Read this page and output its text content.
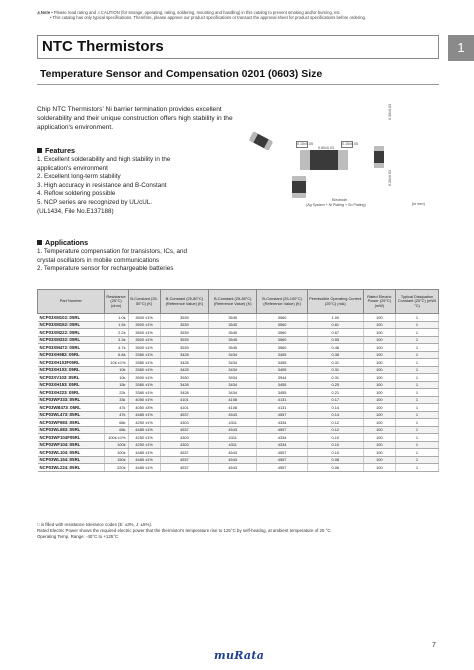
⚠Note • Please read rating and ⚠CAUTION (for storage, operating, rating, soldering, mounting and handling) in this catalog to prevent smoking and/or burning, etc.
• This catalog has only typical specifications. Therefore, please approve our product specifications or transact the approval sheet for product specifications before ordering.
NTC Thermistors	1
Temperature Sensor and Compensation 0201 (0603) Size
Chip NTC Thermistors' Ni barrier termination provides excellent solderability and their unique construction offers high stability in the application's environment.
Features
1. Excellent solderability and high stability in the
application's environment
2. Excellent long-term stability
3. High accuracy in resistance and B-Constant
4. Reflow soldering possible
5. NCP series are recognized by UL/cUL.
(UL1434, File No.E137188)
Applications
1. Temperature compensation for transistors, ICs, and
crystal oscillators in mobile communications
2. Temperature sensor for rechargeable batteries
0.15±0.05	0.15±0.05
0.60±0.03
0.30±0.03
0.30±0.03
Electrode
(Ag System + Ni Plating + Sn Plating)	(in mm)
Part Number	Resistance (25°C) (ohm)	B-Constant (25-50°C) (K)	B-Constant (25-80°C) (Reference Value) (K)	B-Constant (25-85°C) (Reference Value) (K)	B-Constant (25-100°C) (Reference Value) (K)	Permissible Operating Current (25°C) (mA)	Rated Electric Power (25°C) (mW)	Typical Dissipation Constant (25°C) (mW/°C)
NCP03XM102□05RL	1.0k	3500 ±1%	3539	3545	3560	1.00	100	1
NCP03XM152□05RL	1.5k	3500 ±1%	3539	3545	3560	0.81	100	1
NCP03XM222□05RL	2.2k	3500 ±1%	3539	3545	3560	0.67	100	1
NCP03XM332□05RL	3.3k	3500 ±1%	3539	3545	3560	0.55	100	1
NCP03XM472□05RL	4.7k	3500 ±1%	3539	3545	3560	0.46	100	1
NCP03XH682□05RL	6.8k	3380 ±1%	3428	3434	3455	0.38	100	1
NCP03XH103F05RL	10k ±1%	3380 ±1%	3428	3434	3455	0.31	100	1
NCP03XH103□05RL	10k	3380 ±1%	3428	3434	3455	0.31	100	1
NCP03XV103□05RL	10k	3900 ±1%	3930	3934	3944	0.31	100	1
NCP03XH153□05RL	15k	3380 ±1%	3428	3434	3455	0.25	100	1
NCP03XH223□05RL	22k	3380 ±1%	3428	3434	3455	0.21	100	1
NCP03WF333□05RL	33k	4050 ±1%	4101	4108	4131	0.17	100	1
NCP03WB473□05RL	47k	4050 ±3%	4101	4108	4131	0.14	100	1
NCP03WL473□05RL	47k	4485 ±1%	4537	4543	4557	0.14	100	1
NCP03WF683□05RL	68k	4250 ±1%	4303	4311	4334	0.12	100	1
NCP03WL683□05RL	68k	4485 ±1%	4537	4543	4557	0.12	100	1
NCP03WF104F05RL	100k ±1%	4250 ±1%	4303	4311	4334	0.10	100	1
NCP03WF104□05RL	100k	4250 ±1%	4303	4311	4334	0.10	100	1
NCP03WL104□05RL	100k	4485 ±1%	4537	4543	4557	0.10	100	1
NCP03WL154□05RL	150k	4485 ±1%	4537	4543	4557	0.08	100	1
NCP03WL224□05RL	220k	4485 ±1%	4537	4543	4557	0.06	100	1
□ is filled with resistance tolerance codes (E: ±3%, J: ±5%).
Rated Electric Power shows the required electric power that the thermistor's temperature rise to 125°C by self-heating, at ambient temperature of 25 °C.
Operating Temp. Range: -40°C to +125°C
muRata
7
